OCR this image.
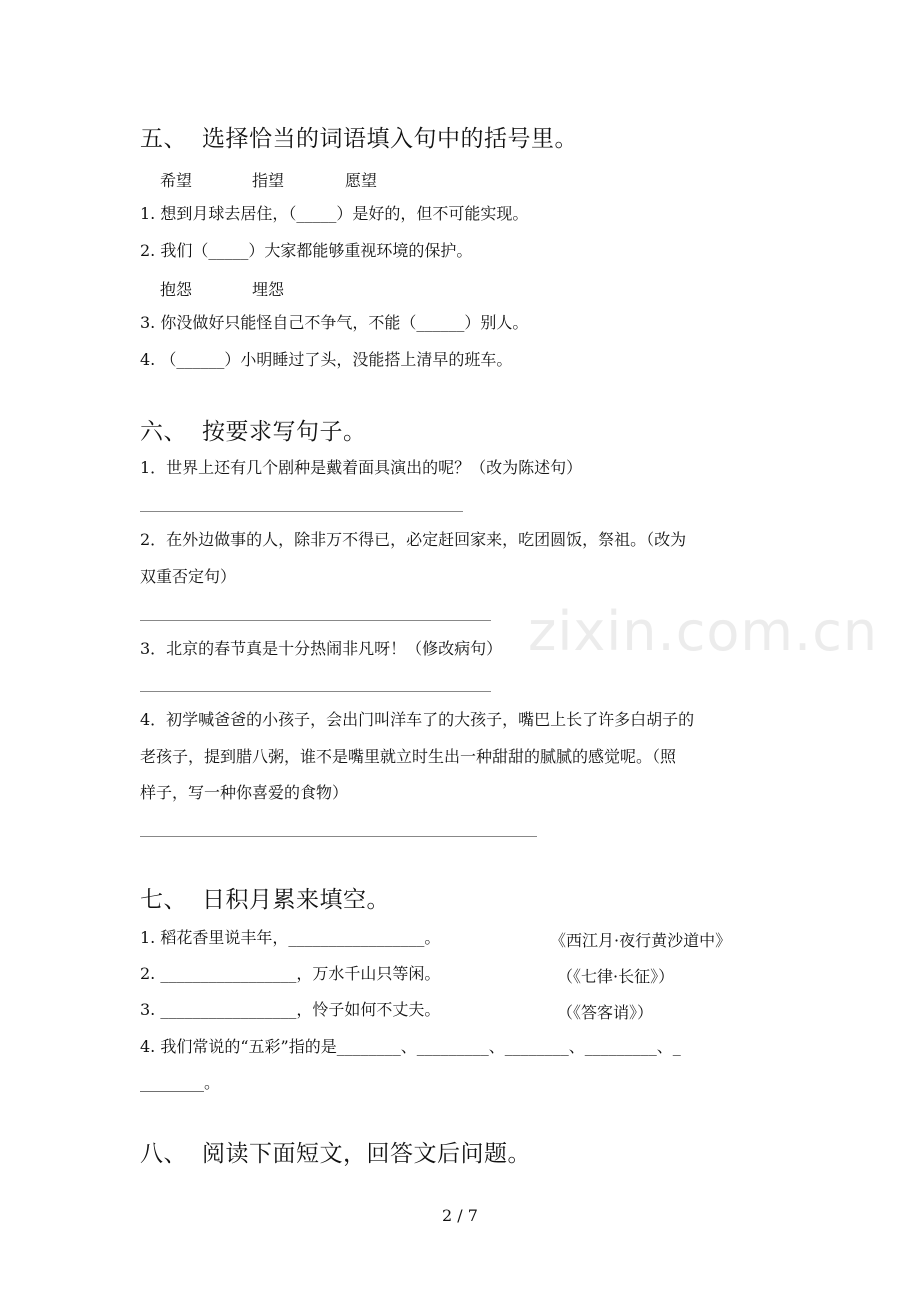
五、 选择恰当的词语填入句中的括号里。
希望	指望	愿望
1. 想到月球去居住，（_____）是好的，但不可能实现。
2. 我们（_____）大家都能够重视环境的保护。
抱怨	埋怨
3. 你没做好只能怪自己不争气，不能（______）别人。
4. （______）小明睡过了头，没能搭上清早的班车。
六、 按要求写句子。
1．世界上还有几个剧种是戴着面具演出的呢？（改为陈述句）
2．在外边做事的人，除非万不得已，必定赶回家来，吃团圆饭，祭祖。（改为
双重否定句）
3．北京的春节真是十分热闹非凡呀！（修改病句）
4．初学喊爸爸的小孩子，会出门叫洋车了的大孩子，嘴巴上长了许多白胡子的
老孩子，提到腊八粥，谁不是嘴里就立时生出一种甜甜的腻腻的感觉呢。（照
样子，写一种你喜爱的食物）
七、 日积月累来填空。
1. 稻花香里说丰年，_________________。	《西江月·夜行黄沙道中》
2. _________________，万水千山只等闲。	（《七律·长征》）
3. _________________，怜子如何不丈夫。	（《答客诮》）
4. 我们常说的“五彩”指的是________、_________、________、_________、_
________。
八、 阅读下面短文，回答文后问题。
zixin.com.cn
2 / 7
